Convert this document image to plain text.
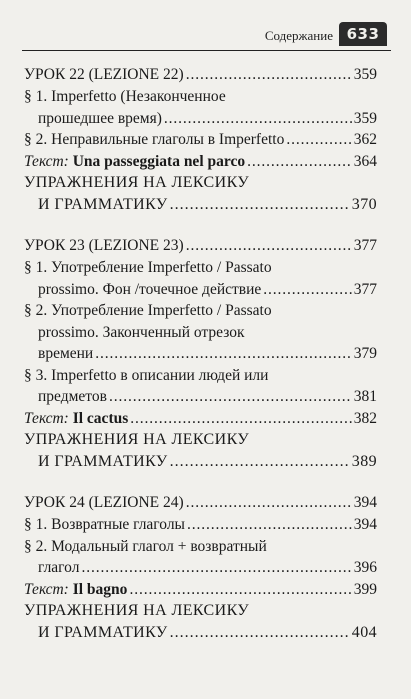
Содержание 633
УРОК 22 (LEZIONE 22) . . .	359
§ 1. Imperfetto (Незаконченное
прошедшее время) . . .	359
§ 2. Неправильные глаголы в Imperfetto . . .	362
Текст: Una passeggiata nel parco . . .	364
УПРАЖНЕНИЯ НА ЛЕКСИКУ
И ГРАММАТИКУ . . .	370
УРОК 23 (LEZIONE 23) . . .	377
§ 1. Употребление Imperfetto / Passato
prossimo. Фон /точечное действие . . .	377
§ 2. Употребление Imperfetto / Passato
prossimo. Законченный отрезок
времени . . .	379
§ 3. Imperfetto в описании людей или
предметов . . .	381
Текст: Il cactus . . .	382
УПРАЖНЕНИЯ НА ЛЕКСИКУ
И ГРАММАТИКУ . . .	389
УРОК 24 (LEZIONE 24) . . .	394
§ 1. Возвратные глаголы . . .	394
§ 2. Модальный глагол + возвратный
глагол . . .	396
Текст: Il bagno . . .	399
УПРАЖНЕНИЯ НА ЛЕКСИКУ
И ГРАММАТИКУ . . .	404
